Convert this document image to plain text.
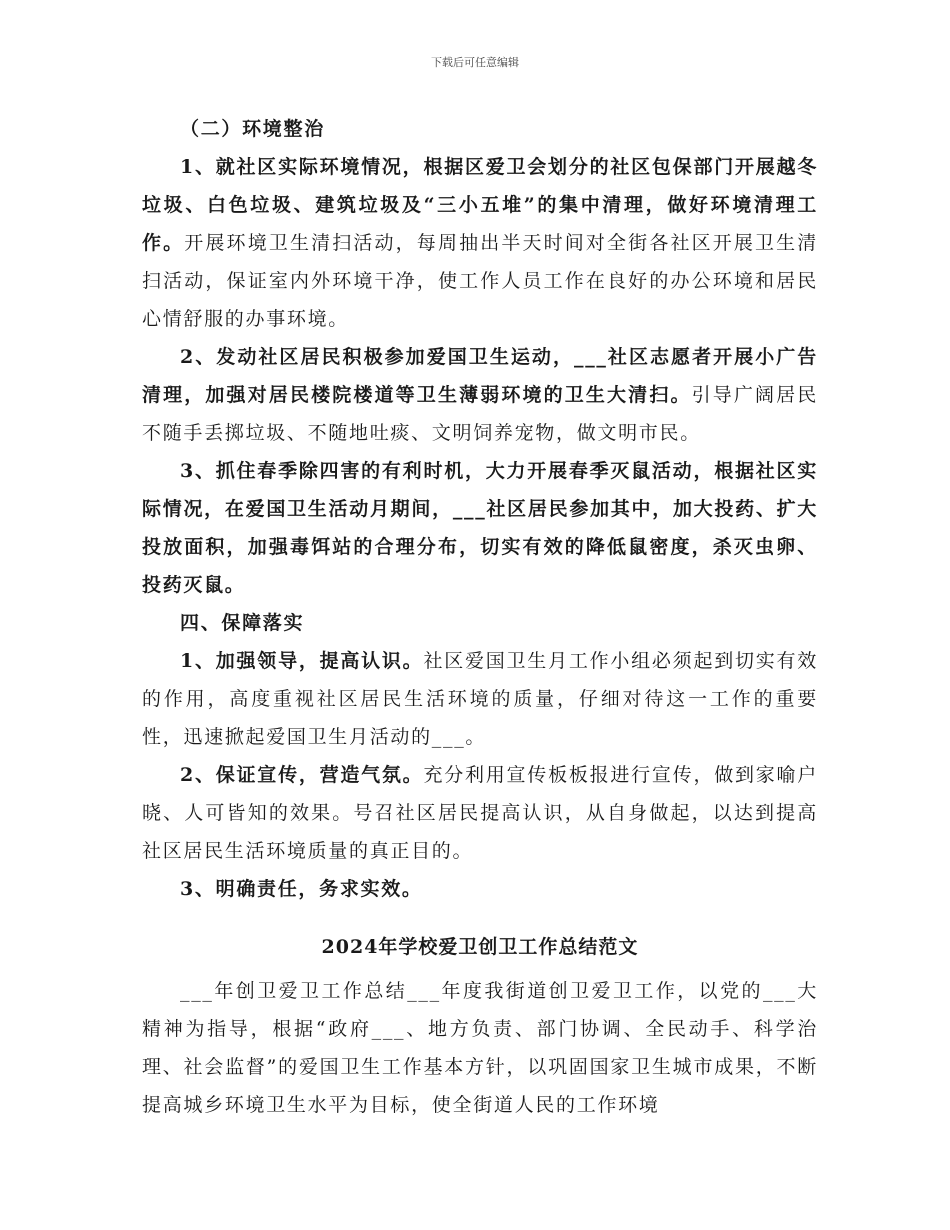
下载后可任意编辑

（二）环境整治

1、就社区实际环境情况，根据区爱卫会划分的社区包保部门开展越冬垃圾、白色垃圾、建筑垃圾及“三小五堆”的集中清理，做好环境清理工作。开展环境卫生清扫活动，每周抽出半天时间对全街各社区开展卫生清扫活动，保证室内外环境干净，使工作人员工作在良好的办公环境和居民心情舒服的办事环境。

2、发动社区居民积极参加爱国卫生运动，___社区志愿者开展小广告清理，加强对居民楼院楼道等卫生薄弱环境的卫生大清扫。引导广阔居民不随手丢掷垃圾、不随地吐痰、文明饲养宠物，做文明市民。

3、抓住春季除四害的有利时机，大力开展春季灭鼠活动，根据社区实际情况，在爱国卫生活动月期间，___社区居民参加其中，加大投药、扩大投放面积，加强毒饵站的合理分布，切实有效的降低鼠密度，杀灭虫卵、投药灭鼠。

四、保障落实

1、加强领导，提高认识。社区爱国卫生月工作小组必须起到切实有效的作用，高度重视社区居民生活环境的质量，仔细对待这一工作的重要性，迅速掀起爱国卫生月活动的___。

2、保证宣传，营造气氛。充分利用宣传板板报进行宣传，做到家喻户晓、人可皆知的效果。号召社区居民提高认识，从自身做起，以达到提高社区居民生活环境质量的真正目的。

3、明确责任，务求实效。

2024年学校爱卫创卫工作总结范文

___年创卫爱卫工作总结___年度我街道创卫爱卫工作，以党的___大精神为指导，根据“政府___、地方负责、部门协调、全民动手、科学治理、社会监督”的爱国卫生工作基本方针，以巩固国家卫生城市成果，不断提高城乡环境卫生水平为目标，使全街道人民的工作环境
